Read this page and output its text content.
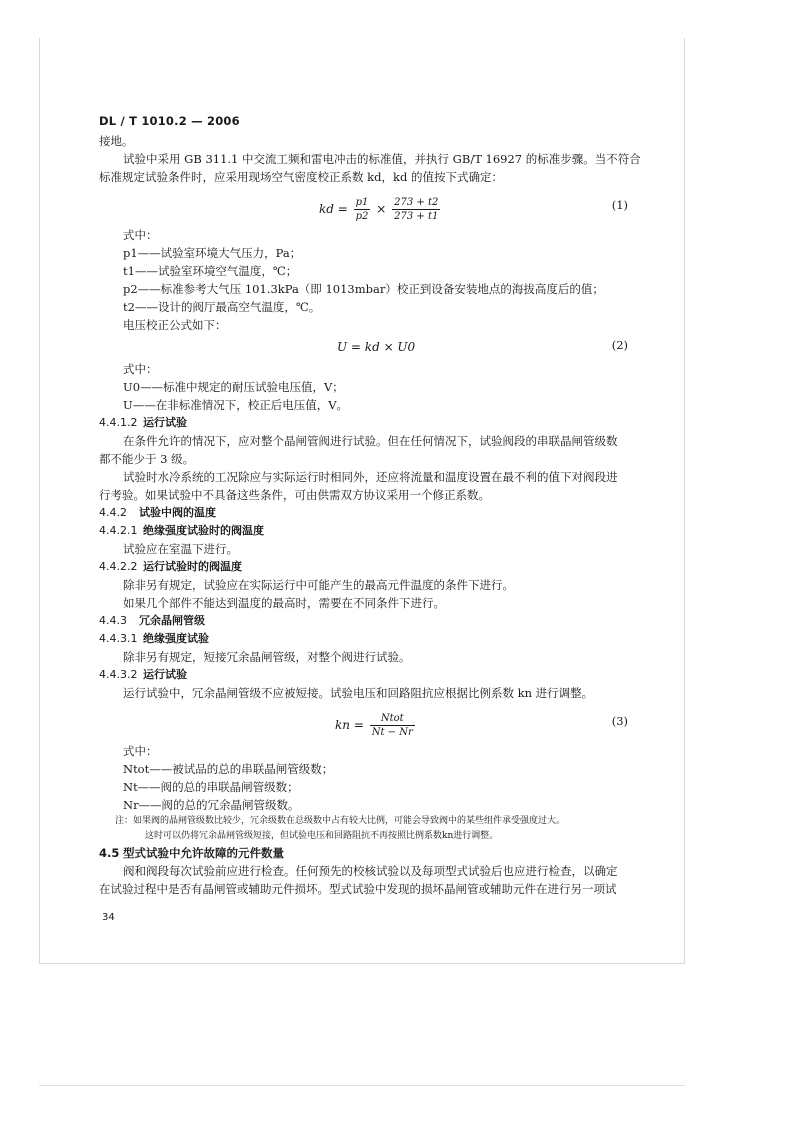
DL / T 1010.2 — 2006
接地。
试验中采用 GB 311.1 中交流工频和雷电冲击的标准值，并执行 GB/T 16927 的标准步骤。当不符合
标准规定试验条件时，应采用现场空气密度校正系数 kd，kd 的值按下式确定：
kd = $\frac{p1}{p2} \times \frac{273 + t2}{273 + t1}$	(1)
式中：
p1——试验室环境大气压力，Pa；
t1——试验室环境空气温度，℃；
p2——标准参考大气压 101.3kPa（即 1013mbar）校正到设备安装地点的海拔高度后的值；
t2——设计的阀厅最高空气温度，℃。
电压校正公式如下：
U = kd × U0	(2)
式中：
U0——标准中规定的耐压试验电压值，V；
U——在非标准情况下，校正后电压值，V。
4.4.1.2 运行试验
在条件允许的情况下，应对整个晶闸管阀进行试验。但在任何情况下，试验阀段的串联晶闸管级数
都不能少于 3 级。
试验时水冷系统的工况除应与实际运行时相同外，还应将流量和温度设置在最不利的值下对阀段进
行考验。如果试验中不具备这些条件，可由供需双方协议采用一个修正系数。
4.4.2 试验中阀的温度
4.4.2.1 绝缘强度试验时的阀温度
试验应在室温下进行。
4.4.2.2 运行试验时的阀温度
除非另有规定，试验应在实际运行中可能产生的最高元件温度的条件下进行。
如果几个部件不能达到温度的最高时，需要在不同条件下进行。
4.4.3 冗余晶闸管级
4.4.3.1 绝缘强度试验
除非另有规定，短接冗余晶闸管级，对整个阀进行试验。
4.4.3.2 运行试验
运行试验中，冗余晶闸管级不应被短接。试验电压和回路阻抗应根据比例系数 kn 进行调整。
kn = $\frac{\text{Ntot}}{Nt - Nr}$	(3)
式中：
Ntot——被试品的总的串联晶闸管级数；
Nt——阀的总的串联晶闸管级数；
Nr——阀的总的冗余晶闸管级数。
注：如果阀的晶闸管级数比较少，冗余级数在总级数中占有较大比例，可能会导致阀中的某些组件承受强度过大。
这时可以仍将冗余晶闸管级短接，但试验电压和回路阻抗不再按照比例系数kn进行调整。
4.5 型式试验中允许故障的元件数量
阀和阀段每次试验前应进行检查。任何预先的校核试验以及每项型式试验后也应进行检查，以确定
在试验过程中是否有晶闸管或辅助元件损坏。型式试验中发现的损坏晶闸管或辅助元件在进行另一项试
34
